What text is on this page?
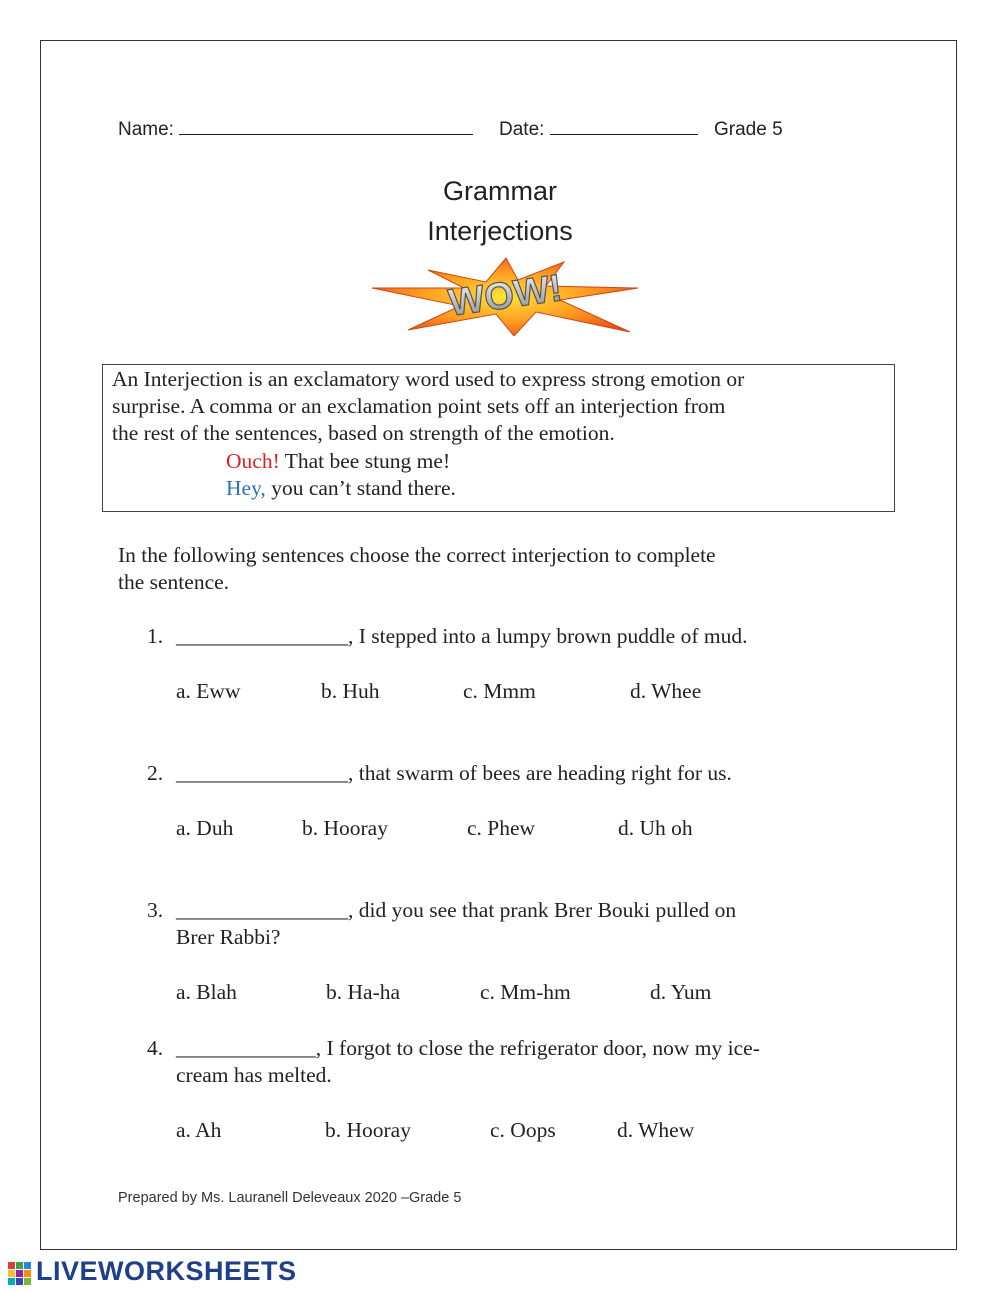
Name:	Date:	Grade 5
Grammar
Interjections
WOW!
An Interjection is an exclamatory word used to express strong emotion or
surprise. A comma or an exclamation point sets off an interjection from
the rest of the sentences, based on strength of the emotion.
Ouch! That bee stung me!
Hey, you can’t stand there.
In the following sentences choose the correct interjection to complete
the sentence.
1. ________________, I stepped into a lumpy brown puddle of mud.
a. Eww	b. Huh	c. Mmm	d. Whee
2. ________________, that swarm of bees are heading right for us.
a. Duh	b. Hooray	c. Phew	d. Uh oh
3. ________________, did you see that prank Brer Bouki pulled on
Brer Rabbi?
a. Blah	b. Ha-ha	c. Mm-hm	d. Yum
4. _____________, I forgot to close the refrigerator door, now my ice-
cream has melted.
a. Ah	b. Hooray	c. Oops	d. Whew
Prepared by Ms. Lauranell Deleveaux 2020 –Grade 5
LIVEWORKSHEETS
